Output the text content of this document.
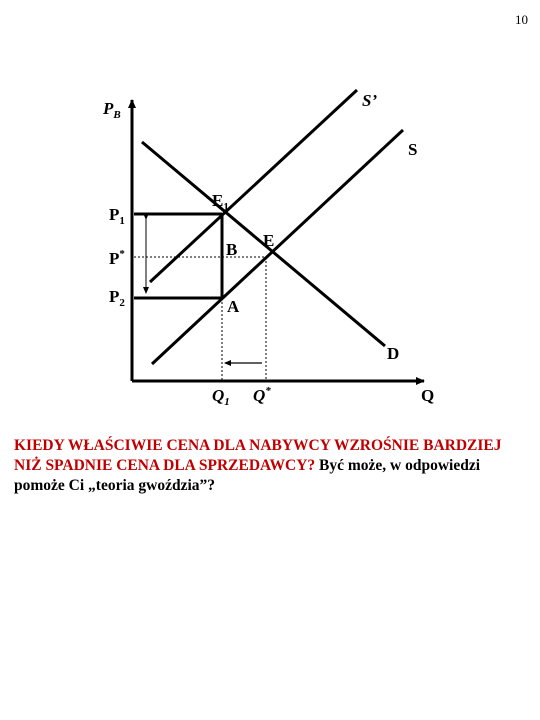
10
$P_B$
Q
S’
S
D
$E_1$
E
B
A
$P_1$
P*
$P_2$
$Q_1$ Q*
KIEDY WŁAŚCIWIE CENA DLA NABYWCY WZROŚNIE BARDZIEJ NIŻ SPADNIE CENA DLA SPRZEDAWCY? Być może, w odpowiedzi pomoże Ci „teoria gwoździa”?
